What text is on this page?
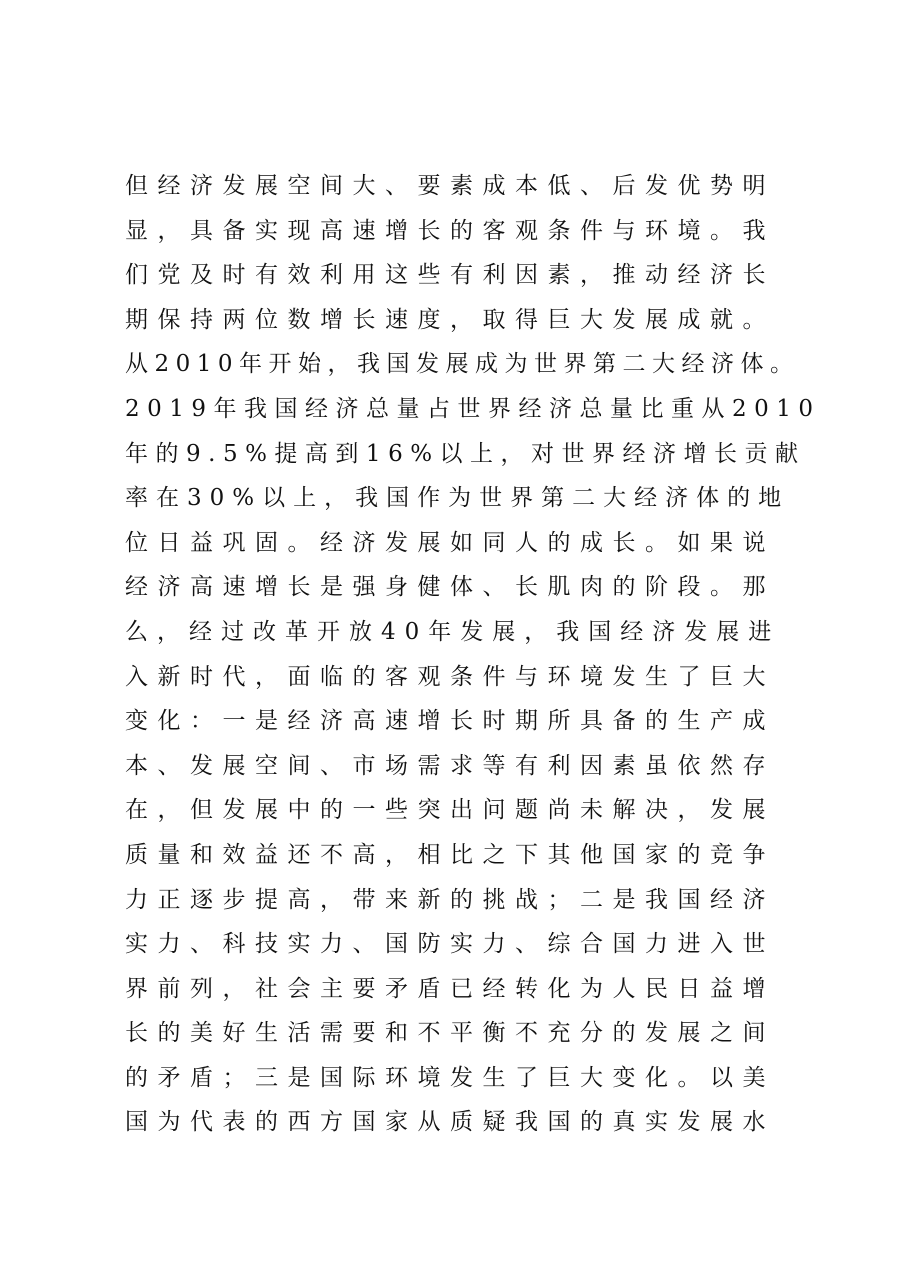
但经济发展空间大、要素成本低、后发优势明
显，具备实现高速增长的客观条件与环境。我
们党及时有效利用这些有利因素，推动经济长
期保持两位数增长速度，取得巨大发展成就。
从2010年开始，我国发展成为世界第二大经济体。
2019年我国经济总量占世界经济总量比重从2010
年的9.5%提高到16%以上，对世界经济增长贡献
率在30%以上，我国作为世界第二大经济体的地
位日益巩固。经济发展如同人的成长。如果说
经济高速增长是强身健体、长肌肉的阶段。那
么，经过改革开放40年发展，我国经济发展进
入新时代，面临的客观条件与环境发生了巨大
变化：一是经济高速增长时期所具备的生产成
本、发展空间、市场需求等有利因素虽依然存
在，但发展中的一些突出问题尚未解决，发展
质量和效益还不高，相比之下其他国家的竞争
力正逐步提高，带来新的挑战；二是我国经济
实力、科技实力、国防实力、综合国力进入世
界前列，社会主要矛盾已经转化为人民日益增
长的美好生活需要和不平衡不充分的发展之间
的矛盾；三是国际环境发生了巨大变化。以美
国为代表的西方国家从质疑我国的真实发展水
